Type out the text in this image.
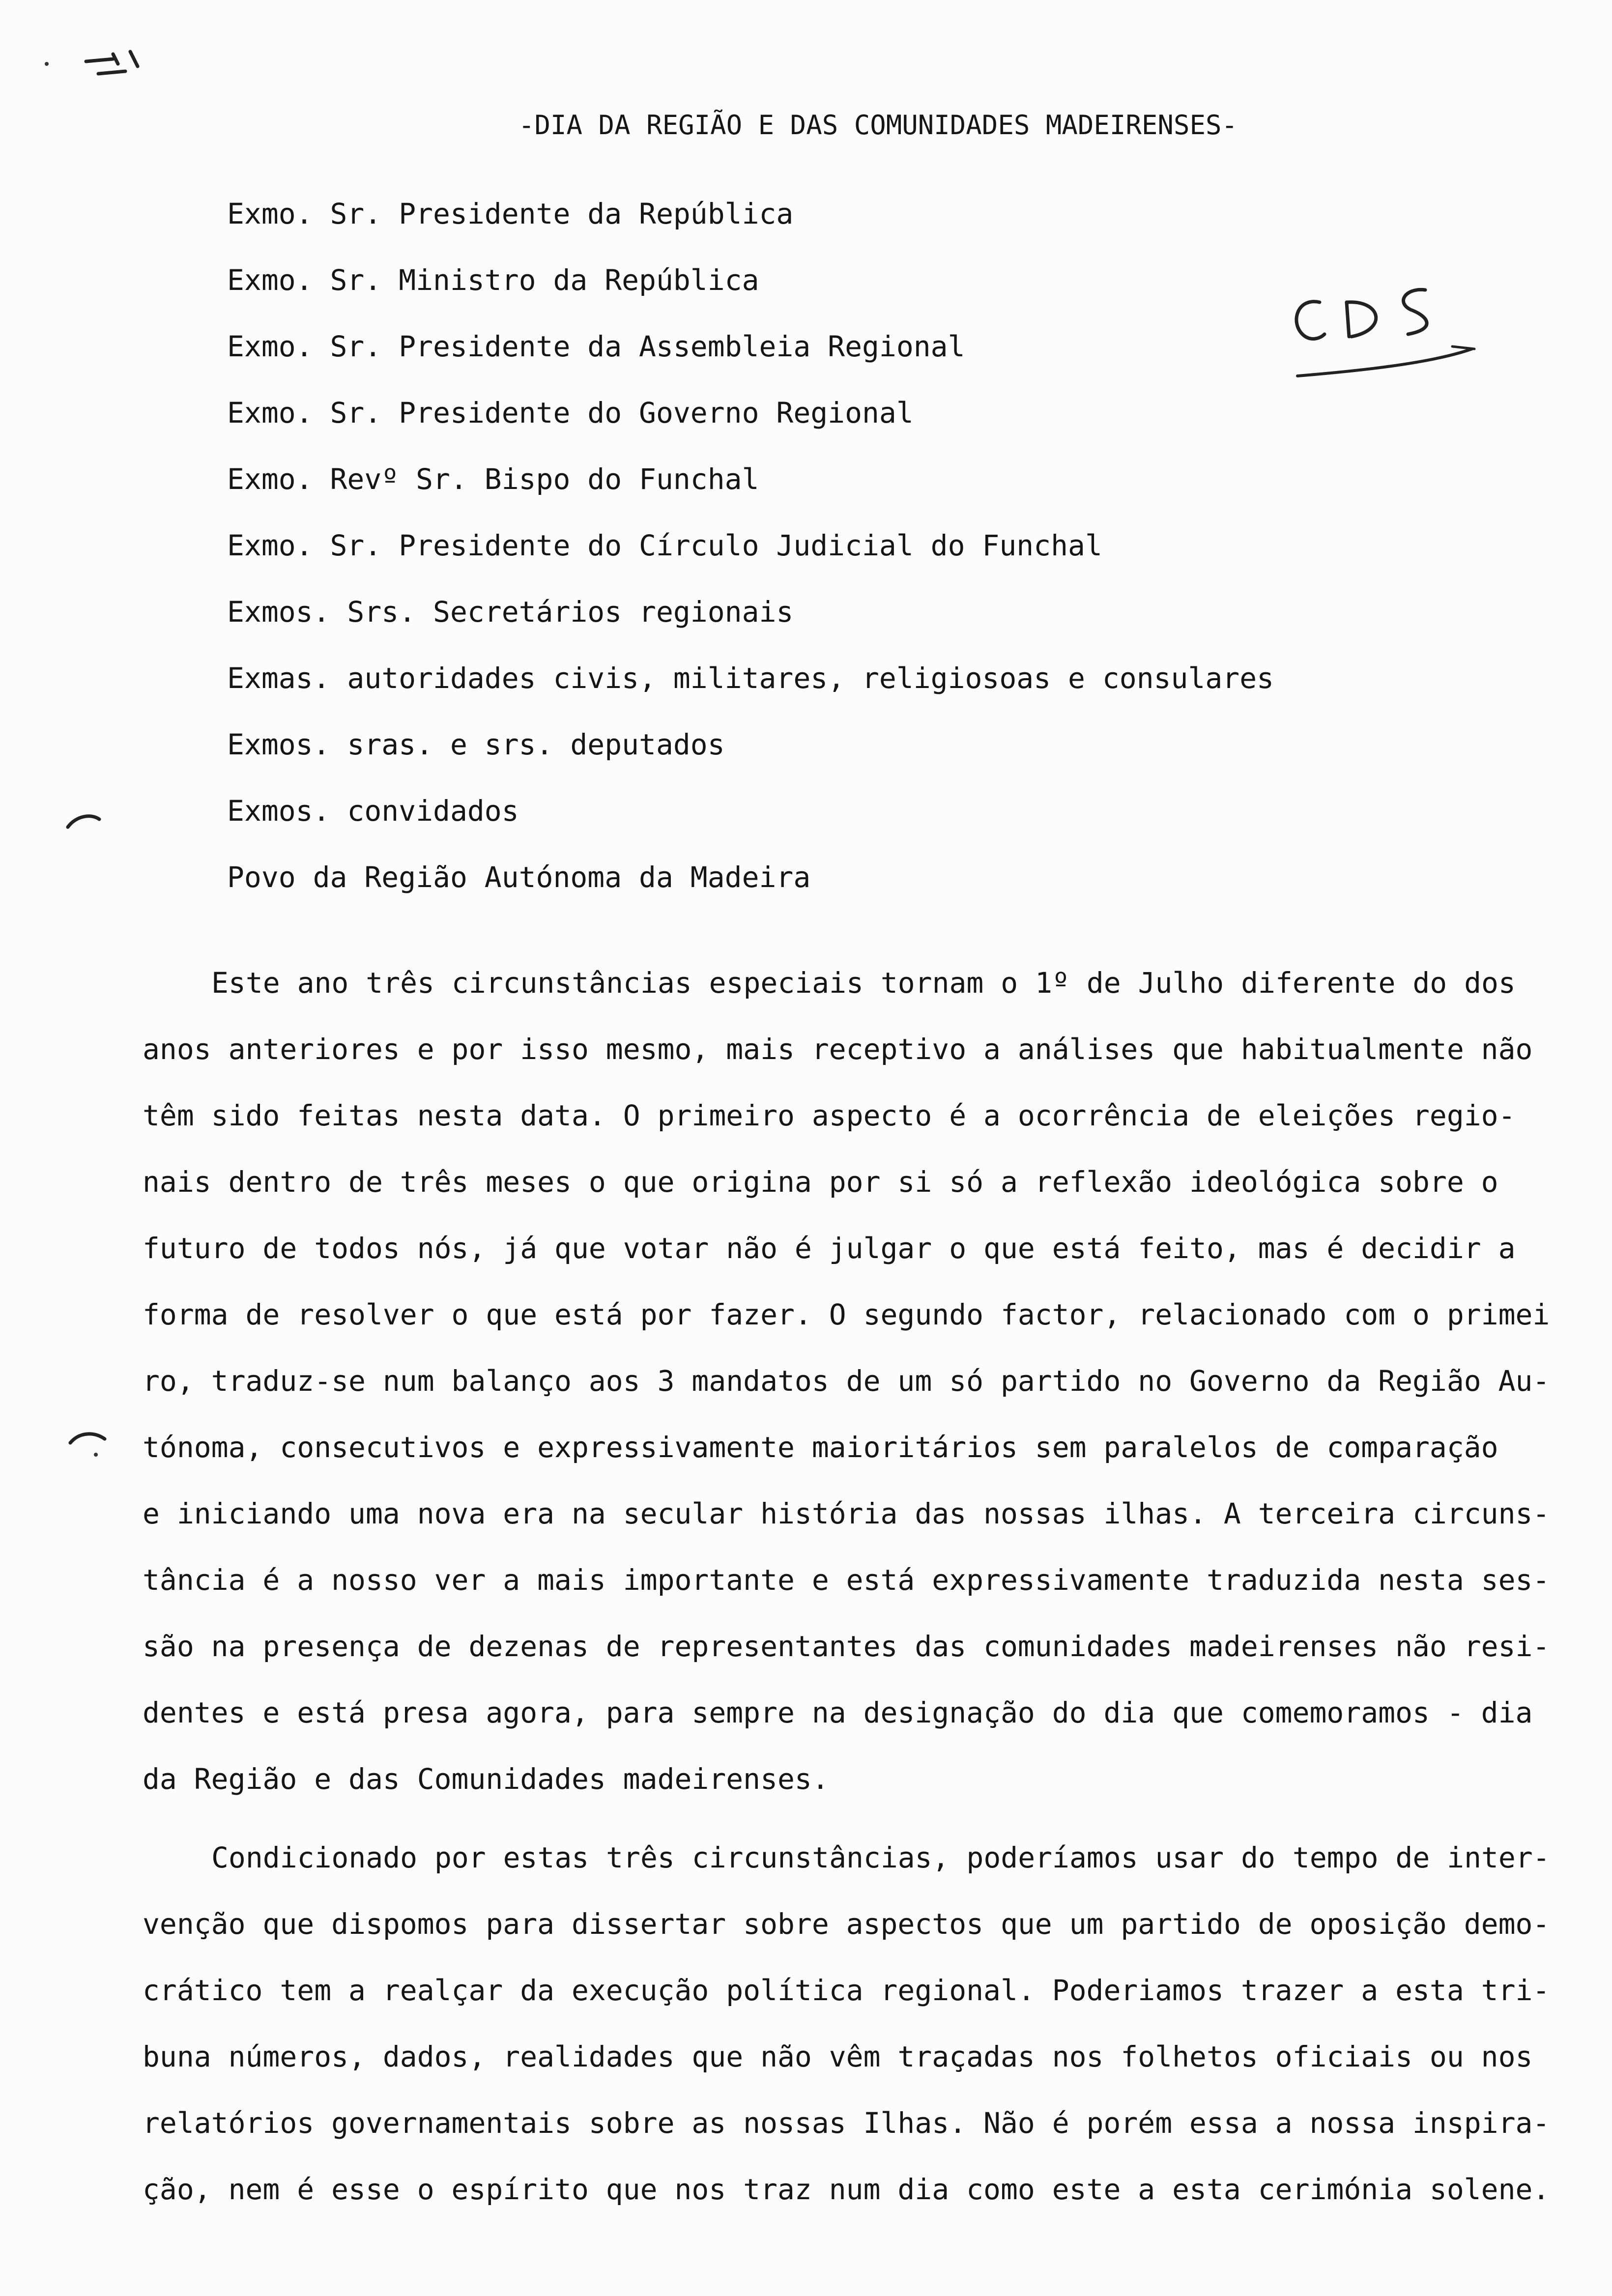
-DIA DA REGIÃO E DAS COMUNIDADES MADEIRENSES-
Exmo. Sr. Presidente da República
Exmo. Sr. Ministro da República
Exmo. Sr. Presidente da Assembleia Regional
Exmo. Sr. Presidente do Governo Regional
Exmo. Revº Sr. Bispo do Funchal
Exmo. Sr. Presidente do Círculo Judicial do Funchal
Exmos. Srs. Secretários regionais
Exmas. autoridades civis, militares, religiosoas e consulares
Exmos. sras. e srs. deputados
Exmos. convidados
Povo da Região Autónoma da Madeira
Este ano três circunstâncias especiais tornam o 1º de Julho diferente do dos
anos anteriores e por isso mesmo, mais receptivo a análises que habitualmente não
têm sido feitas nesta data. O primeiro aspecto é a ocorrência de eleições regio-
nais dentro de três meses o que origina por si só a reflexão ideológica sobre o
futuro de todos nós, já que votar não é julgar o que está feito, mas é decidir a
forma de resolver o que está por fazer. O segundo factor, relacionado com o primei
ro, traduz-se num balanço aos 3 mandatos de um só partido no Governo da Região Au-
tónoma, consecutivos e expressivamente maioritários sem paralelos de comparação
e iniciando uma nova era na secular história das nossas ilhas. A terceira circuns-
tância é a nosso ver a mais importante e está expressivamente traduzida nesta ses-
são na presença de dezenas de representantes das comunidades madeirenses não resi-
dentes e está presa agora, para sempre na designação do dia que comemoramos - dia
da Região e das Comunidades madeirenses.
Condicionado por estas três circunstâncias, poderíamos usar do tempo de inter-
venção que dispomos para dissertar sobre aspectos que um partido de oposição demo-
crático tem a realçar da execução política regional. Poderiamos trazer a esta tri-
buna números, dados, realidades que não vêm traçadas nos folhetos oficiais ou nos
relatórios governamentais sobre as nossas Ilhas. Não é porém essa a nossa inspira-
ção, nem é esse o espírito que nos traz num dia como este a esta cerimónia solene.
